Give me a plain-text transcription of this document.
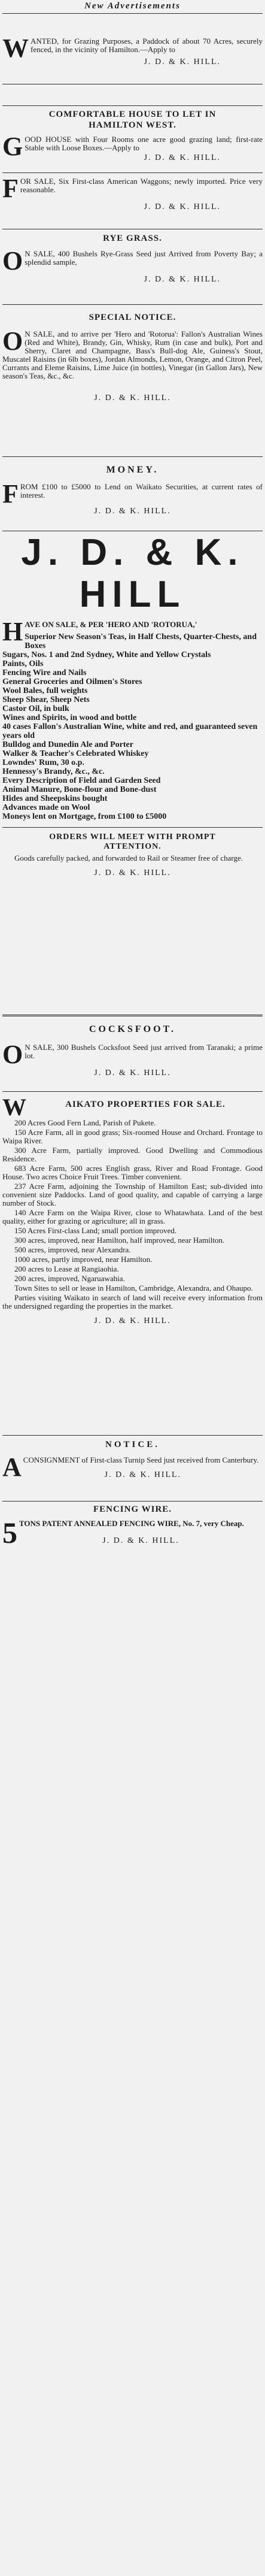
New Advertisements
WANTED, for Grazing Purposes, a Paddock of about 70 Acres, securely fenced, in the vicinity of Hamilton.—Apply to
J. D. & K. HILL.
COMFORTABLE HOUSE TO LET IN HAMILTON WEST.
GOOD HOUSE with Four Rooms one acre good grazing land; first-rate Stable with Loose Boxes.—Apply to
J. D. & K. HILL.
FOR SALE, Six First-class American Waggons; newly imported. Price very reasonable.
J. D. & K. HILL.
RYE GRASS.
O N SALE, 400 Bushels Rye-Grass Seed just Arrived from Poverty Bay; a splendid sample,
J. D. & K. HILL.
SPECIAL NOTICE.
O N SALE, and to arrive per 'Hero and 'Rotorua': Fallon's Australian Wines (Red and White), Brandy, Gin, Whisky, Rum (in case and bulk), Port and Sherry, Claret and Champagne, Bass's Bull-dog Ale, Guiness's Stout, Muscatel Raisins (in 6lb boxes), Jordan Almonds, Lemon, Orange, and Citron Peel, Currants and Eleme Raisins, Lime Juice (in bottles), Vinegar (in Gallon Jars), New season's Teas, &c., &c.
J. D. & K. HILL.
MONEY.
FROM £100 to £5000 to Lend on Waikato Securities, at current rates of interest.
J. D. & K. HILL.
J. D. & K. HILL
HAVE ON SALE, & PER 'HERO AND 'ROTORUA,'

Superior New Season's Teas, in Half Chests, Quarter-Chests, and Boxes

Sugars, Nos. 1 and 2nd Sydney, White and Yellow Crystals

Paints, Oils

Fencing Wire and Nails

General Groceries and Oilmen's Stores

Wool Bales, full weights

Sheep Shear, Sheep Nets

Castor Oil, in bulk

Wines and Spirits, in wood and bottle

40 cases Fallon's Australian Wine, white and red, and guaranteed seven years old

Bulldog and Dunedin Ale and Porter

Walker & Teacher's Celebrated Whiskey

Lowndes' Rum, 30 o.p.

Hennessy's Brandy, &c., &c.

Every Description of Field and Garden Seed

Animal Manure, Bone-flour and Bone-dust

Hides and Sheepskins bought

Advances made on Wool

Moneys lent on Mortgage, from £100 to £5000

ORDERS WILL MEET WITH PROMPT ATTENTION.
Goods carefully packed, and forwarded to Rail or Steamer free of charge.
J. D. & K. HILL.
COCKSFOOT.
O N SALE, 300 Bushels Cocksfoot Seed just arrived from Taranaki; a prime lot.
J. D. & K. HILL.
W	AIKATO PROPERTIES FOR SALE.

200 Acres Good Fern Land, Parish of Pukete.

150 Acre Farm, all in good grass; Six-roomed House and Orchard. Frontage to Waipa River.

300 Acre Farm, partially improved. Good Dwelling and Commodious Residence.

683 Acre Farm, 500 acres English grass, River and Road Frontage. Good House. Two acres Choice Fruit Trees. Timber convenient.

237 Acre Farm, adjoining the Township of Hamilton East; sub-divided into convenient size Paddocks. Land of good quality, and capable of carrying a large number of Stock.

140 Acre Farm on the Waipa River, close to Whatawhata. Land of the best quality, either for grazing or agriculture; all in grass.

150 Acres First-class Land; small portion improved.

300 acres, improved, near Hamilton, half improved, near Hamilton.

500 acres, improved, near Alexandra.

1000 acres, partly improved, near Hamilton.

200 acres to Lease at Rangiaohia.

200 acres, improved, Ngaruawahia.

Town Sites to sell or lease in Hamilton, Cambridge, Alexandra, and Ohaupo.

Parties visiting Waikato in search of land will receive every information from the undersigned regarding the properties in the market.

J. D. & K. HILL.
NOTICE.
ACONSIGNMENT of First-class Turnip Seed just received from Canterbury.
J. D. & K. HILL.
FENCING WIRE.
5 TONS PATENT ANNEALED FENCING WIRE, No. 7, very Cheap.
J. D. & K. HILL.
